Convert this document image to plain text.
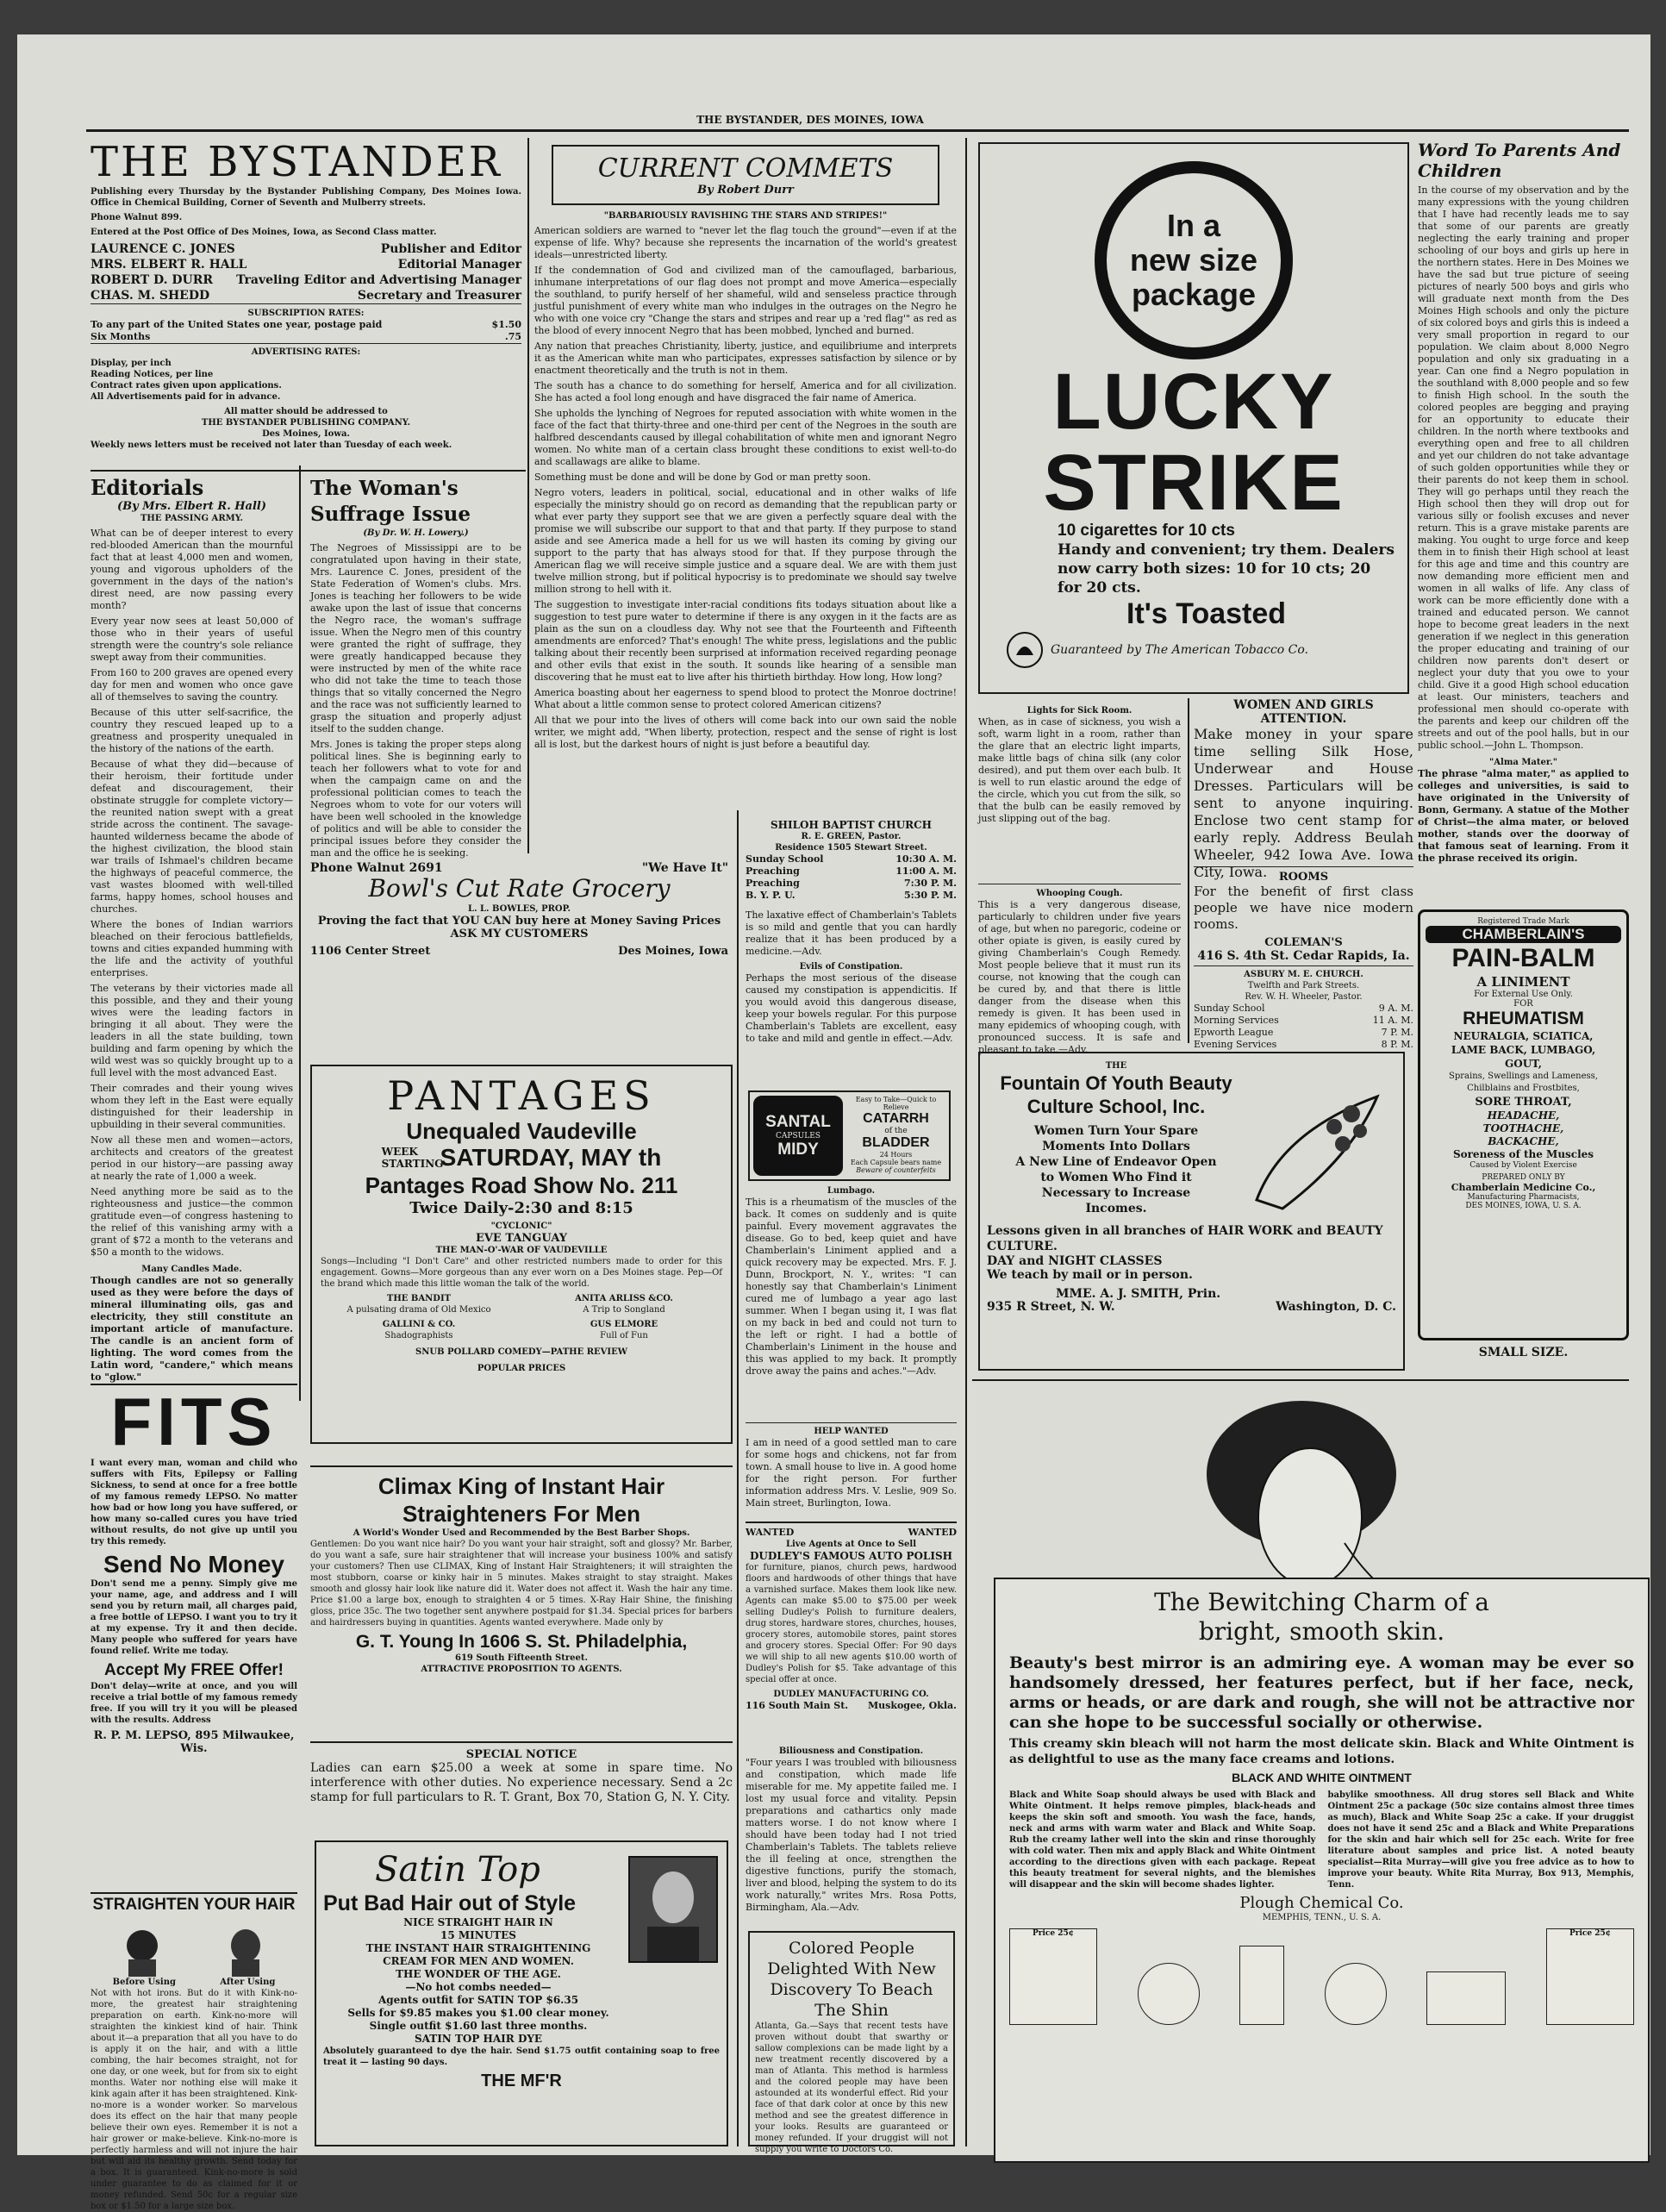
THE BYSTANDER, DES MOINES, IOWA
THE BYSTANDER
Publishing every Thursday by the Bystander Publishing Company, Des Moines Iowa. Office in Chemical Building, Corner of Seventh and Mulberry streets.
Phone Walnut 899.
Entered at the Post Office of Des Moines, Iowa, as Second Class matter.
LAURENCE C. JONES	Publisher and Editor
MRS. ELBERT R. HALL	Editorial Manager
ROBERT D. DURR Traveling Editor and Advertising Manager
CHAS. M. SHEDD	Secretary and Treasurer
SUBSCRIPTION RATES:
To any part of the United States one year, postage paid	$1.50
Six Months	.75
ADVERTISING RATES:
Display, per inch
Reading Notices, per line
Contract rates given upon applications.
All Advertisements paid for in advance.
All matter should be addressed to
THE BYSTANDER PUBLISHING COMPANY.
Des Moines, Iowa.
Weekly news letters must be received not later than Tuesday of each week.
Editorials
(By Mrs. Elbert R. Hall)
THE PASSING ARMY.

What can be of deeper interest to every red-blooded American than the mournful fact that at least 4,000 men and women, young and vigorous upholders of the government in the days of the nation's direst need, are now passing every month?

Every year now sees at least 50,000 of those who in their years of useful strength were the country's sole reliance swept away from their communities.

From 160 to 200 graves are opened every day for men and women who once gave all of themselves to saving the country.

Because of this utter self-sacrifice, the country they rescued leaped up to a greatness and prosperity unequaled in the history of the nations of the earth.

Because of what they did—because of their heroism, their fortitude under defeat and discouragement, their obstinate struggle for complete victory—the reunited nation swept with a great stride across the continent. The savage-haunted wilderness became the abode of the highest civilization, the blood stain war trails of Ishmael's children became the highways of peaceful commerce, the vast wastes bloomed with well-tilled farms, happy homes, school houses and churches.

Where the bones of Indian warriors bleached on their ferocious battlefields, towns and cities expanded humming with the life and the activity of youthful enterprises.

The veterans by their victories made all this possible, and they and their young wives were the leading factors in bringing it all about. They were the leaders in all the state building, town building and farm opening by which the wild west was so quickly brought up to a full level with the most advanced East.

Their comrades and their young wives whom they left in the East were equally distinguished for their leadership in upbuilding in their several communities.

Now all these men and women—actors, architects and creators of the greatest period in our history—are passing away at nearly the rate of 1,000 a week.

Need anything more be said as to the righteousness and justice—the common gratitude even—of congress hastening to the relief of this vanishing army with a grant of $72 a month to the veterans and $50 a month to the widows.

Many Candles Made.

Though candles are not so generally used as they were before the days of mineral illuminating oils, gas and electricity, they still constitute an important article of manufacture. The candle is an ancient form of lighting. The word comes from the Latin word, "candere," which means to "glow."

FITS

I want every man, woman and child who suffers with Fits, Epilepsy or Falling Sickness, to send at once for a free bottle of my famous remedy LEPSO. No matter how bad or how long you have suffered, or how many so-called cures you have tried without results, do not give up until you try this remedy.

Send No Money

Don't send me a penny. Simply give me your name, age, and address and I will send you by return mail, all charges paid, a free bottle of LEPSO. I want you to try it at my expense. Try it and then decide. Many people who suffered for years have found relief. Write me today.

Accept My FREE Offer!

Don't delay—write at once, and you will receive a trial bottle of my famous remedy free. If you will try it you will be pleased with the results. Address

R. P. M. LEPSO, 895 Milwaukee, Wis.
STRAIGHTEN YOUR HAIR
Before Using	After Using

Not with hot irons. But do it with Kink-no-more, the greatest hair straightening preparation on earth. Kink-no-more will straighten the kinkiest kind of hair. Think about it—a preparation that all you have to do is apply it on the hair, and with a little combing, the hair becomes straight, not for one day, or one week, but for from six to eight months. Water nor nothing else will make it kink again after it has been straightened. Kink-no-more is a wonder worker. So marvelous does its effect on the hair that many people believe their own eyes. Remember it is not a hair grower or make-believe. Kink-no-more is perfectly harmless and will not injure the hair but will aid its healthy growth. Send today for a box. It is guaranteed. Kink-no-more is sold under guarantee to do as claimed for it or money refunded. Send 50c for a regular size box or $1.50 for a large size box.

The Woman's Suffrage Issue
(By Dr. W. H. Lowery.)

The Negroes of Mississippi are to be congratulated upon having in their state, Mrs. Laurence C. Jones, president of the State Federation of Women's clubs. Mrs. Jones is teaching her followers to be wide awake upon the last of issue that concerns the Negro race, the woman's suffrage issue. When the Negro men of this country were granted the right of suffrage, they were greatly handicapped because they were instructed by men of the white race who did not take the time to teach those things that so vitally concerned the Negro and the race was not sufficiently learned to grasp the situation and properly adjust itself to the sudden change.

Mrs. Jones is taking the proper steps along political lines. She is beginning early to teach her followers what to vote for and when the campaign came on and the professional politician comes to teach the Negroes whom to vote for our voters will have been well schooled in the knowledge of politics and will be able to consider the principal issues before they consider the man and the office he is seeking.

CURRENT COMMETS
By Robert Durr
"BARBARIOUSLY RAVISHING THE STARS AND STRIPES!"

American soldiers are warned to "never let the flag touch the ground"—even if at the expense of life. Why? because she represents the incarnation of the world's greatest ideals—unrestricted liberty.

If the condemnation of God and civilized man of the camouflaged, barbarious, inhumane interpretations of our flag does not prompt and move America—especially the southland, to purify herself of her shameful, wild and senseless practice through justful punishment of every white man who indulges in the outrages on the Negro he who with one voice cry "Change the stars and stripes and rear up a 'red flag'" as red as the blood of every innocent Negro that has been mobbed, lynched and burned.

Any nation that preaches Christianity, liberty, justice, and equilibriume and interprets it as the American white man who participates, expresses satisfaction by silence or by enactment theoretically and the truth is not in them.

The south has a chance to do something for herself, America and for all civilization. She has acted a fool long enough and have disgraced the fair name of America.

She upholds the lynching of Negroes for reputed association with white women in the face of the fact that thirty-three and one-third per cent of the Negroes in the south are halfbred descendants caused by illegal cohabilitation of white men and ignorant Negro women. No white man of a certain class brought these conditions to exist well-to-do and scallawags are alike to blame.

Something must be done and will be done by God or man pretty soon.

Negro voters, leaders in political, social, educational and in other walks of life especially the ministry should go on record as demanding that the republican party or what ever party they support see that we are given a perfectly square deal with the promise we will subscribe our support to that and that party. If they purpose to stand aside and see America made a hell for us we will hasten its coming by giving our support to the party that has always stood for that. If they purpose through the American flag we will receive simple justice and a square deal. We are with them just twelve million strong, but if political hypocrisy is to predominate we should say twelve million strong to hell with it.

The suggestion to investigate inter-racial conditions fits todays situation about like a suggestion to test pure water to determine if there is any oxygen in it the facts are as plain as the sun on a cloudless day. Why not see that the Fourteenth and Fifteenth amendments are enforced? That's enough! The white press, legislations and the public talking about their recently been surprised at information received regarding peonage and other evils that exist in the south. It sounds like hearing of a sensible man discovering that he must eat to live after his thirtieth birthday. How long, How long?

America boasting about her eagerness to spend blood to protect the Monroe doctrine! What about a little common sense to protect colored American citizens?

All that we pour into the lives of others will come back into our own said the noble writer, we might add, "When liberty, protection, respect and the sense of right is lost all is lost, but the darkest hours of night is just before a beautiful day.

Phone Walnut 2691	"We Have It"
Bowl's Cut Rate Grocery
L. L. BOWLES, PROP.
Proving the fact that YOU CAN buy here at Money Saving Prices
ASK MY CUSTOMERS
1106 Center Street	Des Moines, Iowa
PANTAGES
Unequaled Vaudeville
WEEK STARTING
SATURDAY, MAY th
Pantages Road Show No. 211
Twice Daily-2:30 and 8:15
"CYCLONIC"
EVE TANGUAY
THE MAN-O'-WAR OF VAUDEVILLE

Songs—Including "I Don't Care" and other restricted numbers made to order for this engagement. Gowns—More gorgeous than any ever worn on a Des Moines stage. Pep—Of the brand which made this little woman the talk of the world.

THE BANDIT
A pulsating drama of Old Mexico
ANITA ARLISS &CO.
A Trip to Songland
GALLINI & CO.
Shadographists
GUS ELMORE
Full of Fun
SNUB POLLARD COMEDY—PATHE REVIEW
POPULAR PRICES
Climax King of Instant Hair Straighteners For Men
A World's Wonder Used and Recommended by the Best Barber Shops.

Gentlemen: Do you want nice hair? Do you want your hair straight, soft and glossy? Mr. Barber, do you want a safe, sure hair straightener that will increase your business 100% and satisfy your customers? Then use CLIMAX, King of Instant Hair Straighteners; it will straighten the most stubborn, coarse or kinky hair in 5 minutes. Makes straight to stay straight. Makes smooth and glossy hair look like nature did it. Water does not affect it. Wash the hair any time. Price $1.00 a large box, enough to straighten 4 or 5 times. X-Ray Hair Shine, the finishing gloss, price 35c. The two together sent anywhere postpaid for $1.34. Special prices for barbers and hairdressers buying in quantities. Agents wanted everywhere. Made only by

G. T. Young In 1606 S. St. Philadelphia,
619 South Fifteenth Street.
ATTRACTIVE PROPOSITION TO AGENTS.
SPECIAL NOTICE

Ladies can earn $25.00 a week at some in spare time. No interference with other duties. No experience necessary. Send a 2c stamp for full particulars to R. T. Grant, Box 70, Station G, N. Y. City.

Satin Top
Put Bad Hair out of Style
NICE STRAIGHT HAIR IN
15 MINUTES
THE INSTANT HAIR STRAIGHTENING
CREAM FOR MEN AND WOMEN.
THE WONDER OF THE AGE.
—No hot combs needed—
Agents outfit for SATIN TOP $6.35
Sells for $9.85 makes you $1.00 clear money.
Single outfit $1.60 last three months.
SATIN TOP HAIR DYE

Absolutely guaranteed to dye the hair. Send $1.75 outfit containing soap to free treat it — lasting 90 days.

THE MF'R
SHILOH BAPTIST CHURCH
R. E. GREEN, Pastor.
Residence 1505 Stewart Street.
Sunday School	10:30 A. M.
Preaching	11:00 A. M.
Preaching	7:30 P. M.
B. Y. P. U.	5:30 P. M.

The laxative effect of Chamberlain's Tablets is so mild and gentle that you can hardly realize that it has been produced by a medicine.—Adv.

Evils of Constipation.

Perhaps the most serious of the disease caused my constipation is appendicitis. If you would avoid this dangerous disease, keep your bowels regular. For this purpose Chamberlain's Tablets are excellent, easy to take and mild and gentle in effect.—Adv.

SANTAL
CAPSULES
MIDY
Easy to Take—Quick to Relieve
CATARRH
of the
BLADDER
24 Hours
Each Capsule bears name
Beware of counterfeits
Lumbago.

This is a rheumatism of the muscles of the back. It comes on suddenly and is quite painful. Every movement aggravates the disease. Go to bed, keep quiet and have Chamberlain's Liniment applied and a quick recovery may be expected. Mrs. F. J. Dunn, Brockport, N. Y., writes: "I can honestly say that Chamberlain's Liniment cured me of lumbago a year ago last summer. When I began using it, I was flat on my back in bed and could not turn to the left or right. I had a bottle of Chamberlain's Liniment in the house and this was applied to my back. It promptly drove away the pains and aches."—Adv.

HELP WANTED

I am in need of a good settled man to care for some hogs and chickens, not far from town. A small house to live in. A good home for the right person. For further information address Mrs. V. Leslie, 909 So. Main street, Burlington, Iowa.

WANTED	WANTED
Live Agents at Once to Sell
DUDLEY'S FAMOUS AUTO POLISH

for furniture, pianos, church pews, hardwood floors and hardwoods of other things that have a varnished surface. Makes them look like new. Agents can make $5.00 to $75.00 per week selling Dudley's Polish to furniture dealers, drug stores, hardware stores, churches, houses, grocery stores, automobile stores, paint stores and grocery stores. Special Offer: For 90 days we will ship to all new agents $10.00 worth of Dudley's Polish for $5. Take advantage of this special offer at once.

DUDLEY MANUFACTURING CO.
116 South Main St. Muskogee, Okla.
Biliousness and Constipation.

"Four years I was troubled with biliousness and constipation, which made life miserable for me. My appetite failed me. I lost my usual force and vitality. Pepsin preparations and cathartics only made matters worse. I do not know where I should have been today had I not tried Chamberlain's Tablets. The tablets relieve the ill feeling at once, strengthen the digestive functions, purify the stomach, liver and blood, helping the system to do its work naturally," writes Mrs. Rosa Potts, Birmingham, Ala.—Adv.

Colored People Delighted With New Discovery To Beach The Shin

Atlanta, Ga.—Says that recent tests have proven without doubt that swarthy or sallow complexions can be made light by a new treatment recently discovered by a man of Atlanta. This method is harmless and the colored people may have been astounded at its wonderful effect. Rid your face of that dark color at once by this new method and see the greatest difference in your looks. Results are guaranteed or money refunded. If your druggist will not supply you write to Doctors Co.

In a
new size
package
LUCKY
STRIKE
10 cigarettes for 10 cts
Handy and convenient; try them. Dealers now carry both sizes: 10 for 10 cts; 20 for 20 cts.
It's Toasted
Guaranteed by The American Tobacco Co.
Word To Parents And Children

In the course of my observation and by the many expressions with the young children that I have had recently leads me to say that some of our parents are greatly neglecting the early training and proper schooling of our boys and girls up here in the northern states. Here in Des Moines we have the sad but true picture of seeing pictures of nearly 500 boys and girls who will graduate next month from the Des Moines High schools and only the picture of six colored boys and girls this is indeed a very small proportion in regard to our population. We claim about 8,000 Negro population and only six graduating in a year. Can one find a Negro population in the southland with 8,000 people and so few to finish High school. In the south the colored peoples are begging and praying for an opportunity to educate their children. In the north where textbooks and everything open and free to all children and yet our children do not take advantage of such golden opportunities while they or their parents do not keep them in school. They will go perhaps until they reach the High school then they will drop out for various silly or foolish excuses and never return. This is a grave mistake parents are making. You ought to urge force and keep them in to finish their High school at least for this age and time and this country are now demanding more efficient men and women in all walks of life. Any class of work can be more efficiently done with a trained and educated person. We cannot hope to become great leaders in the next generation if we neglect in this generation the proper educating and training of our children now parents don't desert or neglect your duty that you owe to your child. Give it a good High school education at least. Our ministers, teachers and professional men should co-operate with the parents and keep our children off the streets and out of the pool halls, but in our public school.—John L. Thompson.

"Alma Mater."

The phrase "alma mater," as applied to colleges and universities, is said to have originated in the University of Bonn, Germany. A statue of the Mother of Christ—the alma mater, or beloved mother, stands over the doorway of that famous seat of learning. From it the phrase received its origin.

Lights for Sick Room.

When, as in case of sickness, you wish a soft, warm light in a room, rather than the glare that an electric light imparts, make little bags of china silk (any color desired), and put them over each bulb. It is well to run elastic around the edge of the circle, which you cut from the silk, so that the bulb can be easily removed by just slipping out of the bag.

Whooping Cough.

This is a very dangerous disease, particularly to children under five years of age, but when no paregoric, codeine or other opiate is given, is easily cured by giving Chamberlain's Cough Remedy. Most people believe that it must run its course, not knowing that the cough can be cured by, and that there is little danger from the disease when this remedy is given. It has been used in many epidemics of whooping cough, with pronounced success. It is safe and pleasant to take.—Adv.

WOMEN AND GIRLS ATTENTION.

Make money in your spare time selling Silk Hose, Underwear and House Dresses. Particulars will be sent to anyone inquiring. Enclose two cent stamp for early reply. Address Beulah Wheeler, 942 Iowa Ave. Iowa City, Iowa.	ROOMS

For the benefit of first class people we have nice modern rooms.

COLEMAN'S
416 S. 4th St. Cedar Rapids, Ia.
ASBURY M. E. CHURCH.
Twelfth and Park Streets.
Rev. W. H. Wheeler, Pastor.
Sunday School	9 A. M.
Morning Services	11 A. M.
Epworth League	7 P. M.
Evening Services	8 P. M.
THE
Fountain Of Youth Beauty Culture School, Inc.
Women Turn Your Spare
Moments Into Dollars
A New Line of Endeavor Open
to Women Who Find it
Necessary to Increase
Incomes.
Lessons given in all branches of HAIR WORK and BEAUTY CULTURE.
DAY and NIGHT CLASSES
We teach by mail or in person.
MME. A. J. SMITH, Prin.
935 R Street, N. W.	Washington, D. C.
Registered Trade Mark
CHAMBERLAIN'S
PAIN-BALM
A LINIMENT
For External Use Only.
FOR
RHEUMATISM
NEURALGIA, SCIATICA,
LAME BACK, LUMBAGO,
GOUT,
Sprains, Swellings and Lameness,
Chilblains and Frostbites,
SORE THROAT,
HEADACHE,
TOOTHACHE,
BACKACHE,
Soreness of the Muscles
Caused by Violent Exercise
PREPARED ONLY BY
Chamberlain Medicine Co.,
Manufacturing Pharmacists,
DES MOINES, IOWA, U. S. A.
SMALL SIZE.
The Bewitching Charm of a bright, smooth skin.

Beauty's best mirror is an admiring eye. A woman may be ever so handsomely dressed, her features perfect, but if her face, neck, arms or heads, or are dark and rough, she will not be attractive nor can she hope to be successful socially or otherwise.

This creamy skin bleach will not harm the most delicate skin. Black and White Ointment is as delightful to use as the many face creams and lotions.

BLACK AND WHITE OINTMENT

Black and White Soap should always be used with Black and White Ointment. It helps remove pimples, black-heads and keeps the skin soft and smooth. You wash the face, hands, neck and arms with warm water and Black and White Soap. Rub the creamy lather well into the skin and rinse thoroughly with cold water. Then mix and apply Black and White Ointment according to the directions given with each package. Repeat this beauty treatment for several nights, and the blemishes will disappear and the skin will become shades lighter.

babylike smoothness. All drug stores sell Black and White Ointment 25c a package (50c size contains almost three times as much), Black and White Soap 25c a cake. If your druggist does not have it send 25c and a Black and White Preparations for the skin and hair which sell for 25c each. Write for free literature about samples and price list. A noted beauty specialist—Rita Murray—will give you free advice as to how to improve your beauty. White Rita Murray, Box 913, Memphis, Tenn.

Plough Chemical Co.
MEMPHIS, TENN., U. S. A.
Price 25¢	Price 25¢
